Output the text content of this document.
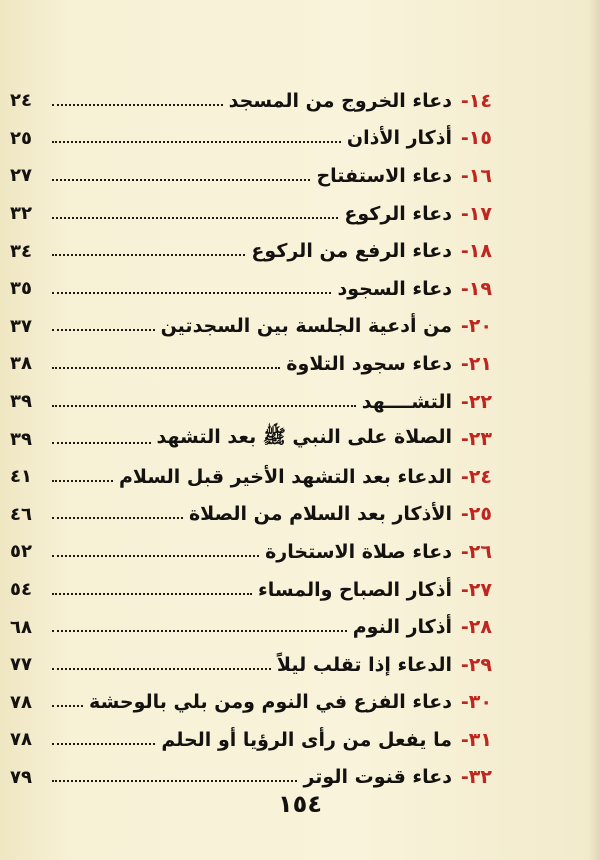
١٤-
دعاء الخروج من المسجد
٢٤
١٥-
أذكار الأذان
٢٥
١٦-
دعاء الاستفتاح
٢٧
١٧-
دعاء الركوع
٣٢
١٨-
دعاء الرفع من الركوع
٣٤
١٩-
دعاء السجود
٣٥
٢٠-
من أدعية الجلسة بين السجدتين
٣٧
٢١-
دعاء سجود التلاوة
٣٨
٢٢-
التشــــهد
٣٩
٢٣-
الصلاة على النبي ﷺ بعد التشهد
٣٩
٢٤-
الدعاء بعد التشهد الأخير قبل السلام
٤١
٢٥-
الأذكار بعد السلام من الصلاة
٤٦
٢٦-
دعاء صلاة الاستخارة
٥٢
٢٧-
أذكار الصباح والمساء
٥٤
٢٨-
أذكار النوم
٦٨
٢٩-
الدعاء إذا تقلب ليلاً
٧٧
٣٠-
دعاء الفزع في النوم ومن بلي بالوحشة
٧٨
٣١-
ما يفعل من رأى الرؤيا أو الحلم
٧٨
٣٢-
دعاء قنوت الوتر
٧٩
١٥٤
